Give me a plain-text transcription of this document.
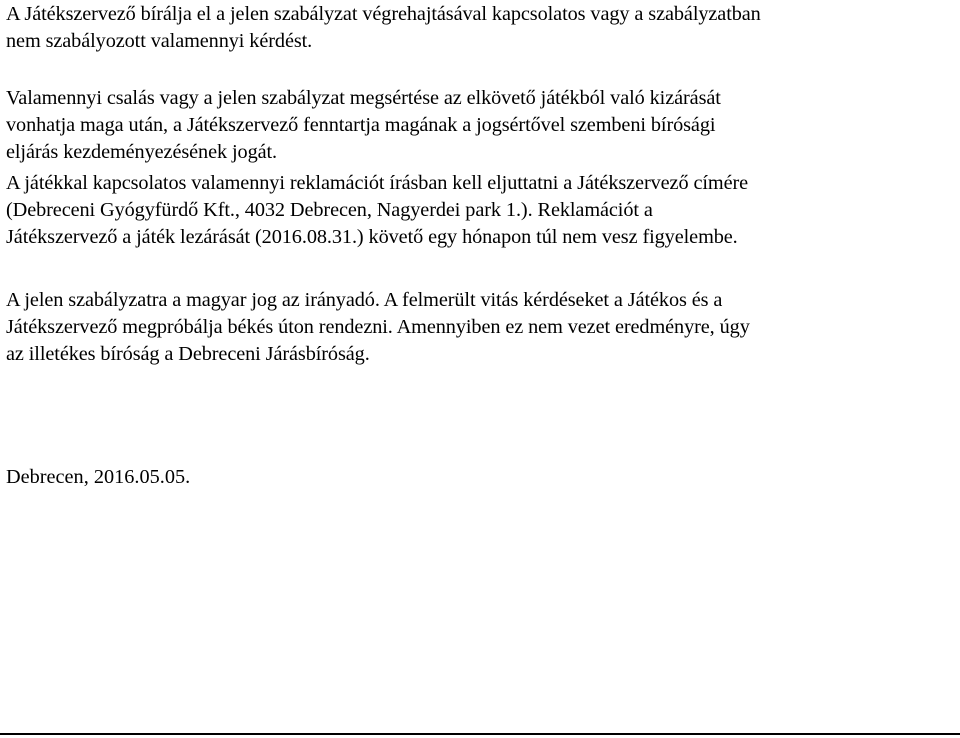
A Játékszervező bírálja el a jelen szabályzat végrehajtásával kapcsolatos vagy a szabályzatban
nem szabályozott valamennyi kérdést.

Valamennyi csalás vagy a jelen szabályzat megsértése az elkövető játékból való kizárását
vonhatja maga után, a Játékszervező fenntartja magának a jogsértővel szembeni bírósági
eljárás kezdeményezésének jogát.

A játékkal kapcsolatos valamennyi reklamációt írásban kell eljuttatni a Játékszervező címére
(Debreceni Gyógyfürdő Kft., 4032 Debrecen, Nagyerdei park 1.). Reklamációt a
Játékszervező a játék lezárását (2016.08.31.) követő egy hónapon túl nem vesz figyelembe.

A jelen szabályzatra a magyar jog az irányadó. A felmerült vitás kérdéseket a Játékos és a
Játékszervező megpróbálja békés úton rendezni. Amennyiben ez nem vezet eredményre, úgy
az illetékes bíróság a Debreceni Járásbíróság.

Debrecen, 2016.05.05.
